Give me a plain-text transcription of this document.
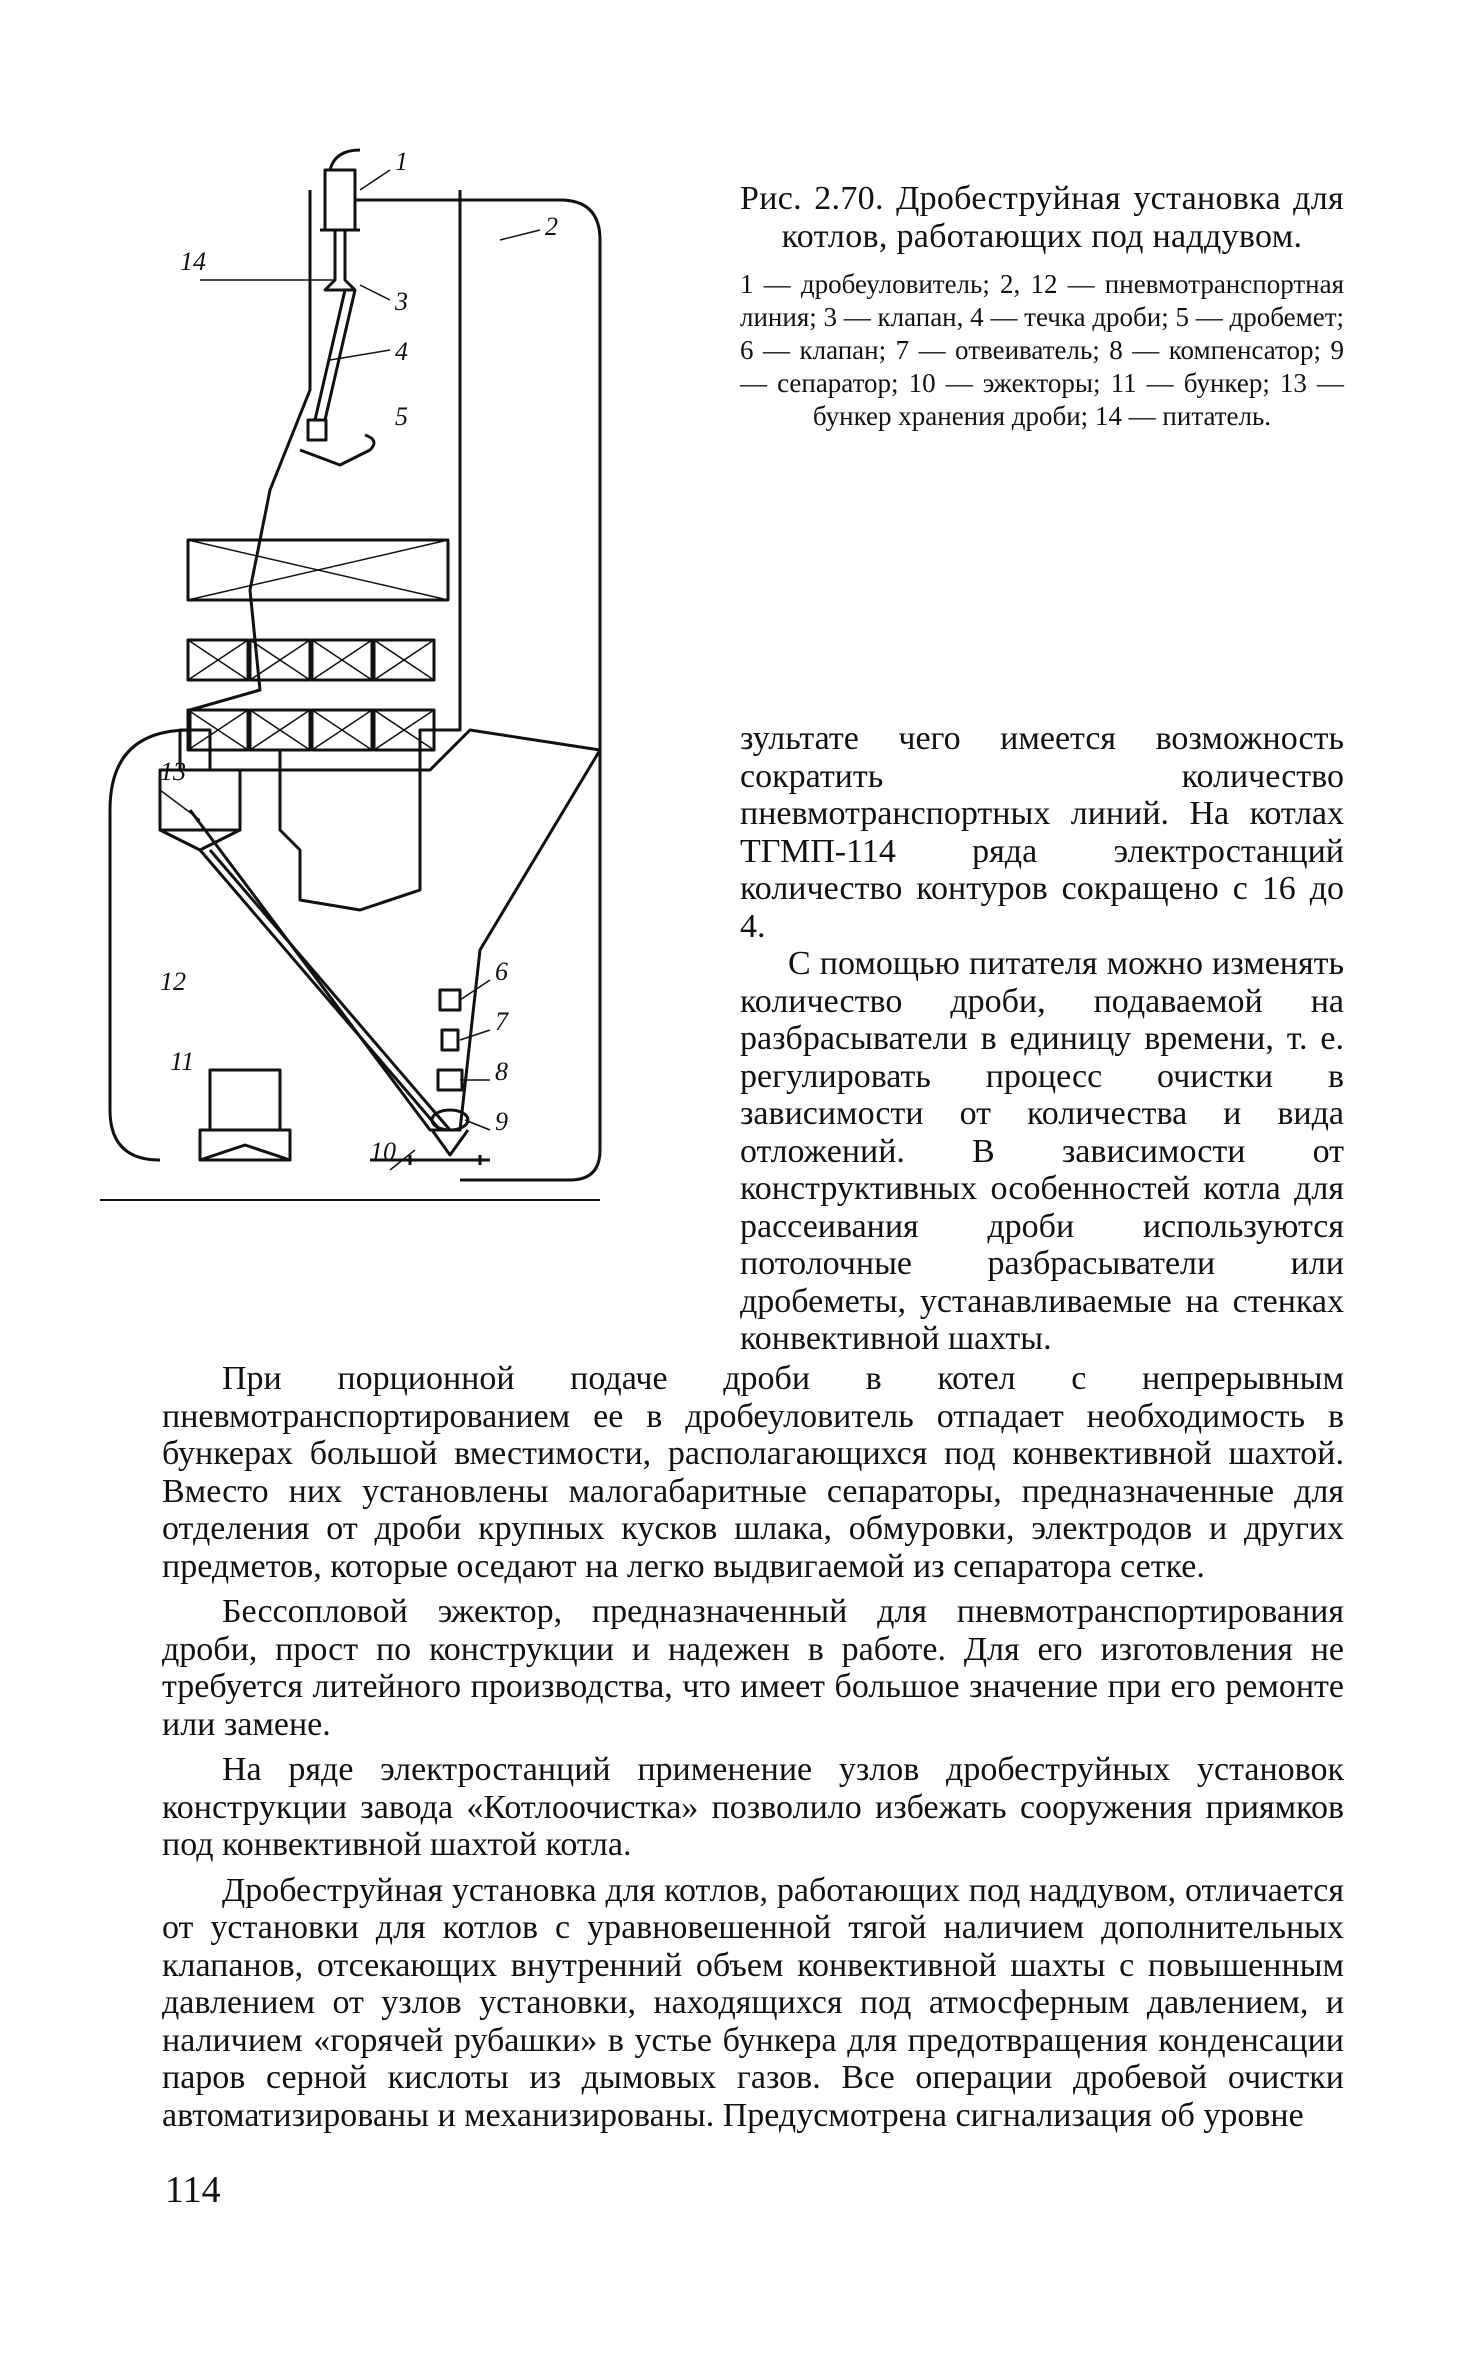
1
2
3
4
5
6
7
8
9
10
11
12
13
14

Рис. 2.70. Дробеструйная установка для котлов, работающих под наддувом.

1 — дробеуловитель; 2, 12 — пневмотранспортная линия; 3 — клапан, 4 — течка дроби; 5 — дробемет; 6 — клапан; 7 — отвеиватель; 8 — компенсатор; 9 — сепаратор; 10 — эжекторы; 11 — бункер; 13 — бункер хранения дроби; 14 — питатель.

зультате чего имеется возможность сократить количество пневмотранспортных линий. На котлах ТГМП-114 ряда электростанций количество контуров сокращено с 16 до 4.

С помощью питателя можно изменять количество дроби, подаваемой на разбрасыватели в единицу времени, т. е. регулировать процесс очистки в зависимости от количества и вида отложений. В зависимости от конструктивных особенностей котла для рассеивания дроби используются потолочные разбрасыватели или дробеметы, устанавливаемые на стенках конвективной шахты.

При порционной подаче дроби в котел с непрерывным пневмотранспортированием ее в дробеуловитель отпадает необходимость в бункерах большой вместимости, располагающихся под конвективной шахтой. Вместо них установлены малогабаритные сепараторы, предназначенные для отделения от дроби крупных кусков шлака, обмуровки, электродов и других предметов, которые оседают на легко выдвигаемой из сепаратора сетке.

Бессопловой эжектор, предназначенный для пневмотранспортирования дроби, прост по конструкции и надежен в работе. Для его изготовления не требуется литейного производства, что имеет большое значение при его ремонте или замене.

На ряде электростанций применение узлов дробеструйных установок конструкции завода «Котлоочистка» позволило избежать сооружения приямков под конвективной шахтой котла.

Дробеструйная установка для котлов, работающих под наддувом, отличается от установки для котлов с уравновешенной тягой наличием дополнительных клапанов, отсекающих внутренний объем конвективной шахты с повышенным давлением от узлов установки, находящихся под атмосферным давлением, и наличием «горячей рубашки» в устье бункера для предотвращения конденсации паров серной кислоты из дымовых газов. Все операции дробевой очистки автоматизированы и механизированы. Предусмотрена сигнализация об уровне

114
